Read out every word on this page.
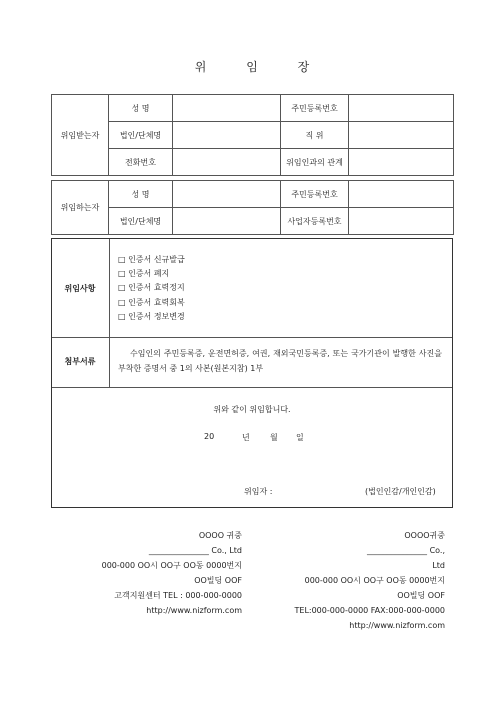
위	임	장
위임받는자	성 명		주민등록번호	
	법인/단체명		직 위	
	전화번호		위임인과의 관계	
위임하는자	성 명		주민등록번호	
	법인/단체명		사업자등록번호	
위임사항
□ 인증서 신규발급
□ 인증서 폐지
□ 인증서 효력정지
□ 인증서 효력회복
□ 인증서 정보변경
첨부서류
수임인의 주민등록증, 운전면허증, 여권, 재외국민등록증, 또는 국가기관이 발행한 사진을 부착한 증명서 중 1의 사본(원본지참) 1부
위와 같이 위임합니다.
20	년	월 일
위임자 :	(법인인감/개인인감)
OOOO 귀중
_______________ Co., Ltd
000-000 OO시 OO구 OO동 0000번지
OO빌딩 OOF
고객지원센터 TEL : 000-000-0000
http://www.nizform.com
OOOO귀중
_______________ Co.,
Ltd
000-000 OO시 OO구 OO동 0000번지
OO빌딩 OOF
TEL:000-000-0000 FAX:000-000-0000
http://www.nizform.com
